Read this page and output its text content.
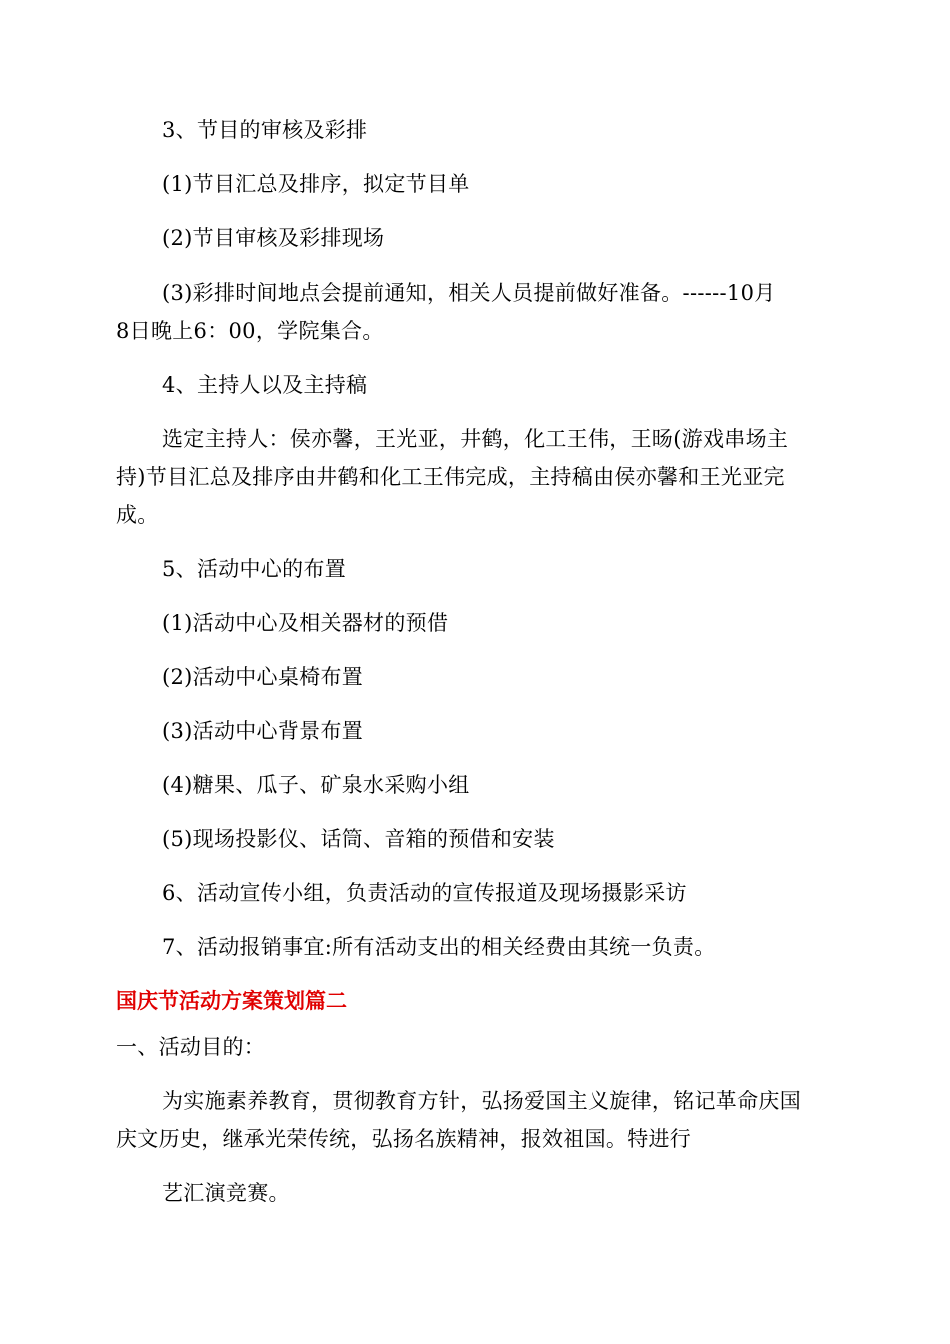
3、节目的审核及彩排
(1)节目汇总及排序，拟定节目单
(2)节目审核及彩排现场
(3)彩排时间地点会提前通知，相关人员提前做好准备。------10月
8日晚上6：00，学院集合。
4、主持人以及主持稿
选定主持人：侯亦馨，王光亚，井鹤，化工王伟，王旸(游戏串场主
持)节目汇总及排序由井鹤和化工王伟完成，主持稿由侯亦馨和王光亚完
成。
5、活动中心的布置
(1)活动中心及相关器材的预借
(2)活动中心桌椅布置
(3)活动中心背景布置
(4)糖果、瓜子、矿泉水采购小组
(5)现场投影仪、话筒、音箱的预借和安装
6、活动宣传小组，负责活动的宣传报道及现场摄影采访
7、活动报销事宜:所有活动支出的相关经费由其统一负责。
国庆节活动方案策划篇二
一、活动目的：
为实施素养教育，贯彻教育方针，弘扬爱国主义旋律，铭记革命庆国
庆文历史，继承光荣传统，弘扬名族精神，报效祖国。特进行
艺汇演竞赛。
